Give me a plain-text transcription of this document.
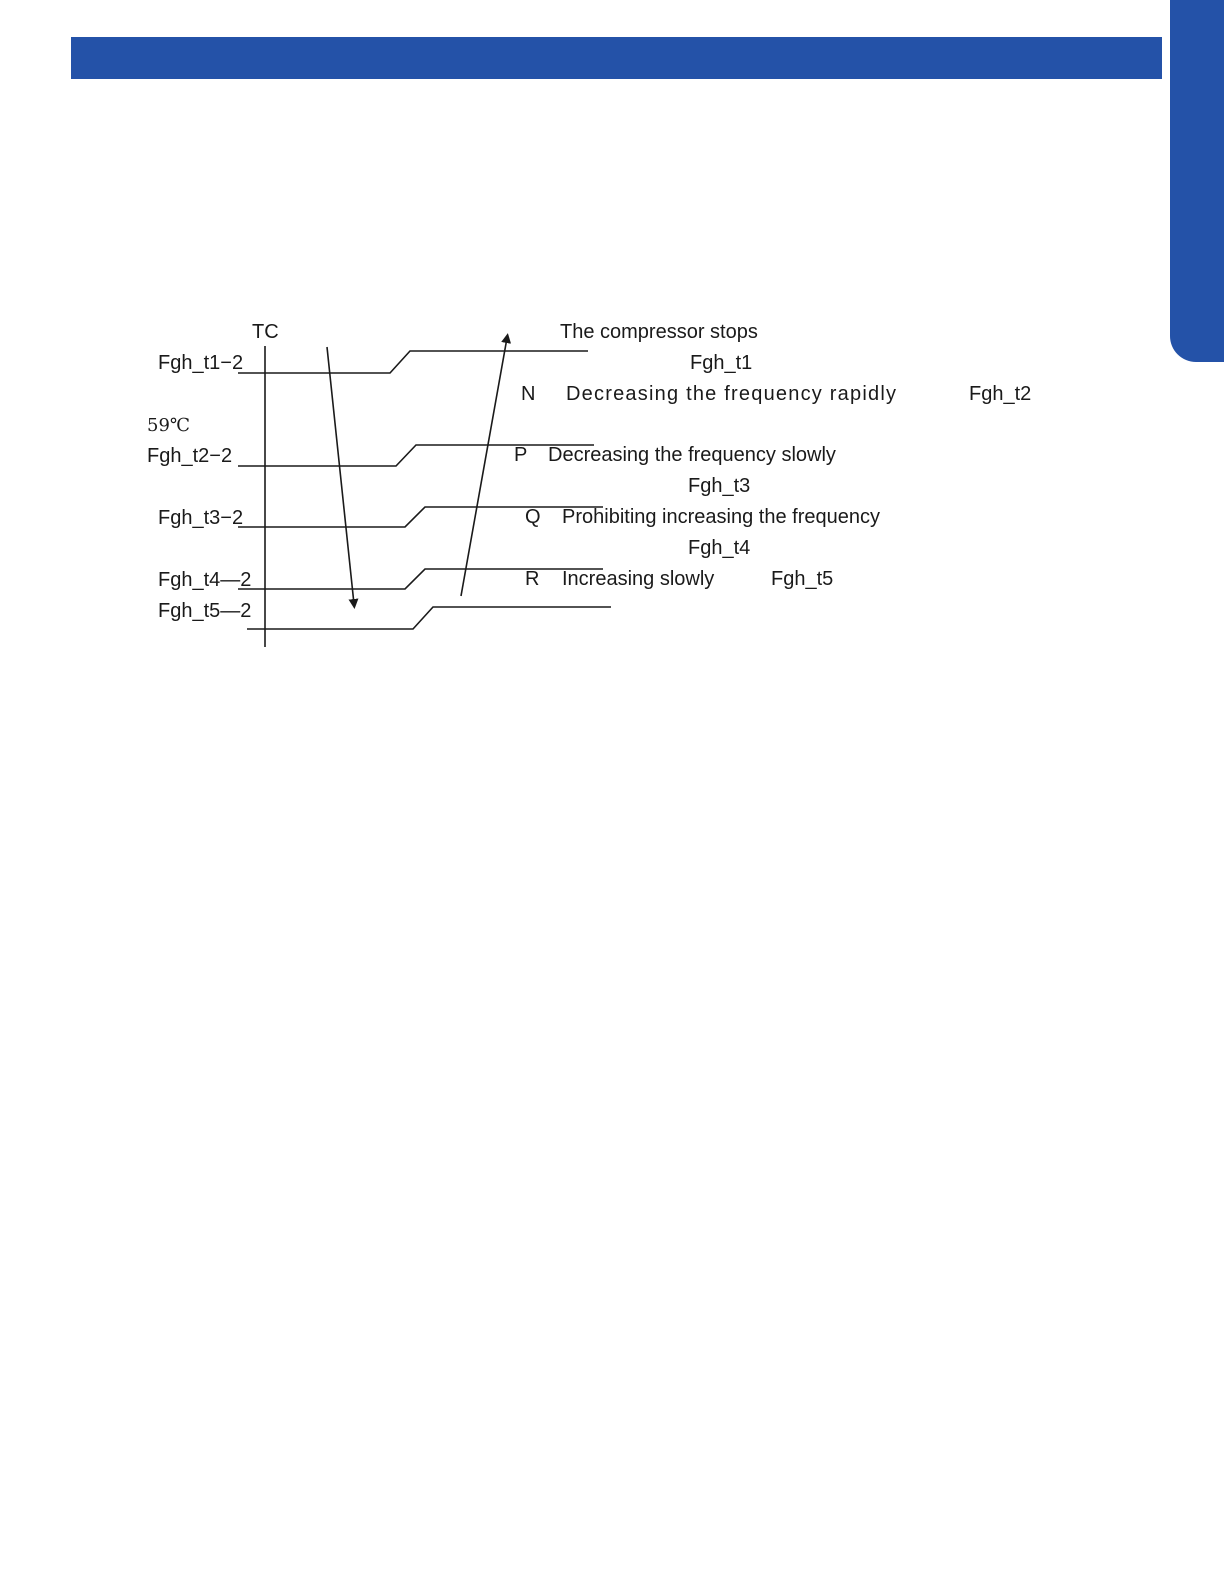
TC
Fgh_t1−2
59℃
Fgh_t2−2
Fgh_t3−2
Fgh_t4—2
Fgh_t5—2
The compressor stops
Fgh_t1
N Decreasing the frequency rapidly	Fgh_t2
P Decreasing the frequency slowly
Fgh_t3
Q Prohibiting increasing the frequency
Fgh_t4
R Increasing slowly	Fgh_t5
